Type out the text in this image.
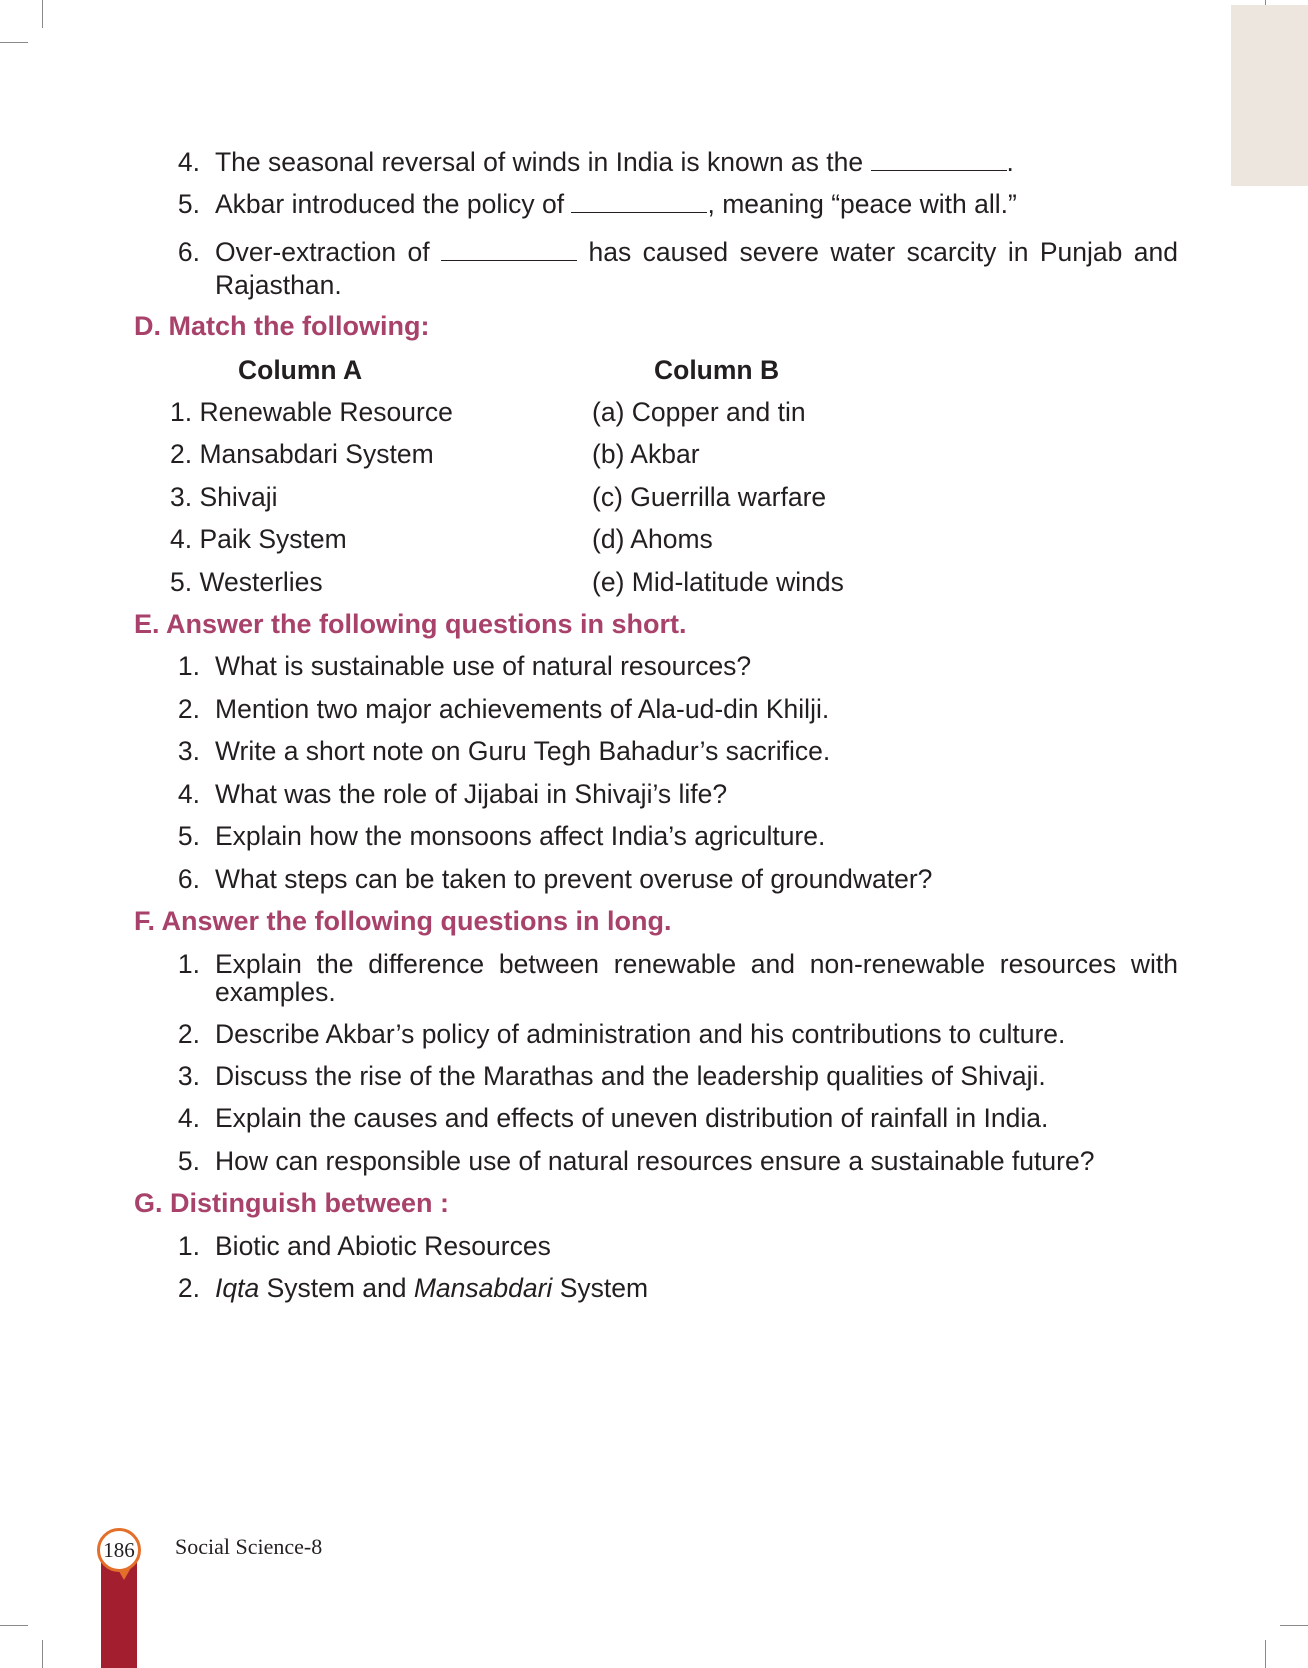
4. The seasonal reversal of winds in India is known as the	.
5. Akbar introduced the policy of	, meaning “peace with all.”
6. Over-extraction of	has caused severe water scarcity in Punjab and
Rajasthan.
D. Match the following:
Column A	Column B
1. Renewable Resource	(a) Copper and tin
2. Mansabdari System	(b) Akbar
3. Shivaji	(c) Guerrilla warfare
4. Paik System	(d) Ahoms
5. Westerlies	(e) Mid-latitude winds
E. Answer the following questions in short.
1. What is sustainable use of natural resources?
2. Mention two major achievements of Ala-ud-din Khilji.
3. Write a short note on Guru Tegh Bahadur’s sacrifice.
4. What was the role of Jijabai in Shivaji’s life?
5. Explain how the monsoons affect India’s agriculture.
6. What steps can be taken to prevent overuse of groundwater?
F. Answer the following questions in long.
1. Explain the difference between renewable and non-renewable resources with
examples.
2. Describe Akbar’s policy of administration and his contributions to culture.
3. Discuss the rise of the Marathas and the leadership qualities of Shivaji.
4. Explain the causes and effects of uneven distribution of rainfall in India.
5. How can responsible use of natural resources ensure a sustainable future?
G. Distinguish between :
1. Biotic and Abiotic Resources
2. Iqta System and Mansabdari System
186 Social Science-8
